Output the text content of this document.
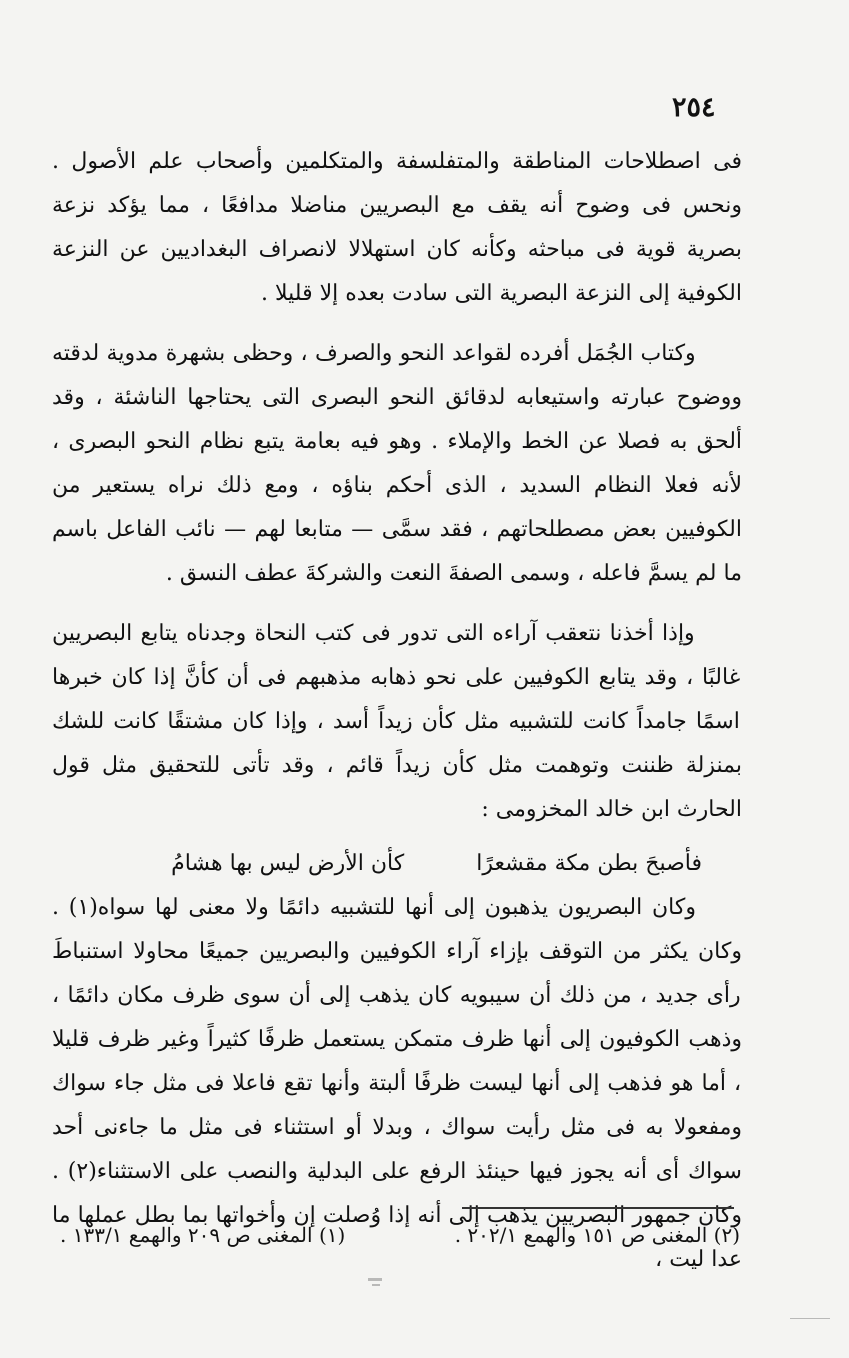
٢٥٤

فى اصطلاحات المناطقة والمتفلسفة والمتكلمين وأصحاب علم الأصول . ونحس فى وضوح أنه يقف مع البصريين مناضلا مدافعًا ، مما يؤكد نزعة بصرية قوية فى مباحثه وكأنه كان استهلالا لانصراف البغداديين عن النزعة الكوفية إلى النزعة البصرية التى سادت بعده إلا قليلا .

وكتاب الجُمَل أفرده لقواعد النحو والصرف ، وحظى بشهرة مدوية لدقته ووضوح عبارته واستيعابه لدقائق النحو البصرى التى يحتاجها الناشئة ، وقد ألحق به فصلا عن الخط والإملاء . وهو فيه بعامة يتبع نظام النحو البصرى ، لأنه فعلا النظام السديد ، الذى أحكم بناؤه ، ومع ذلك نراه يستعير من الكوفيين بعض مصطلحاتهم ، فقد سمَّى — متابعا لهم — نائب الفاعل باسم ما لم يسمَّ فاعله ، وسمى الصفةَ النعت والشركةَ عطف النسق .

وإذا أخذنا نتعقب آراءه التى تدور فى كتب النحاة وجدناه يتابع البصريين غالبًا ، وقد يتابع الكوفيين على نحو ذهابه مذهبهم فى أن كأنَّ إذا كان خبرها اسمًا جامداً كانت للتشبيه مثل كأن زيداً أسد ، وإذا كان مشتقًا كانت للشك بمنزلة ظننت وتوهمت مثل كأن زيداً قائم ، وقد تأتى للتحقيق مثل قول الحارث ابن خالد المخزومى :

فأصبحَ بطن مكة مقشعرًا
كأن الأرض ليس بها هشامُ

وكان البصريون يذهبون إلى أنها للتشبيه دائمًا ولا معنى لها سواه(١) . وكان يكثر من التوقف بإزاء آراء الكوفيين والبصريين جميعًا محاولا استنباطَ رأى جديد ، من ذلك أن سيبويه كان يذهب إلى أن سوى ظرف مكان دائمًا ، وذهب الكوفيون إلى أنها ظرف متمكن يستعمل ظرفًا كثيراً وغير ظرف قليلا ، أما هو فذهب إلى أنها ليست ظرفًا ألبتة وأنها تقع فاعلا فى مثل جاء سواك ومفعولا به فى مثل رأيت سواك ، وبدلا أو استثناء فى مثل ما جاءنى أحد سواك أى أنه يجوز فيها حينئذ الرفع على البدلية والنصب على الاستثناء(٢) . وكان جمهور البصريين يذهب إلى أنه إذا وُصلت إن وأخواتها بما بطل عملها ما عدا ليت ،

(١) المغنى ص ٢٠٩ والهمع ١٣٣/١ .	(٢) المغنى ص ١٥١ والهمع ٢٠٢/١ .
